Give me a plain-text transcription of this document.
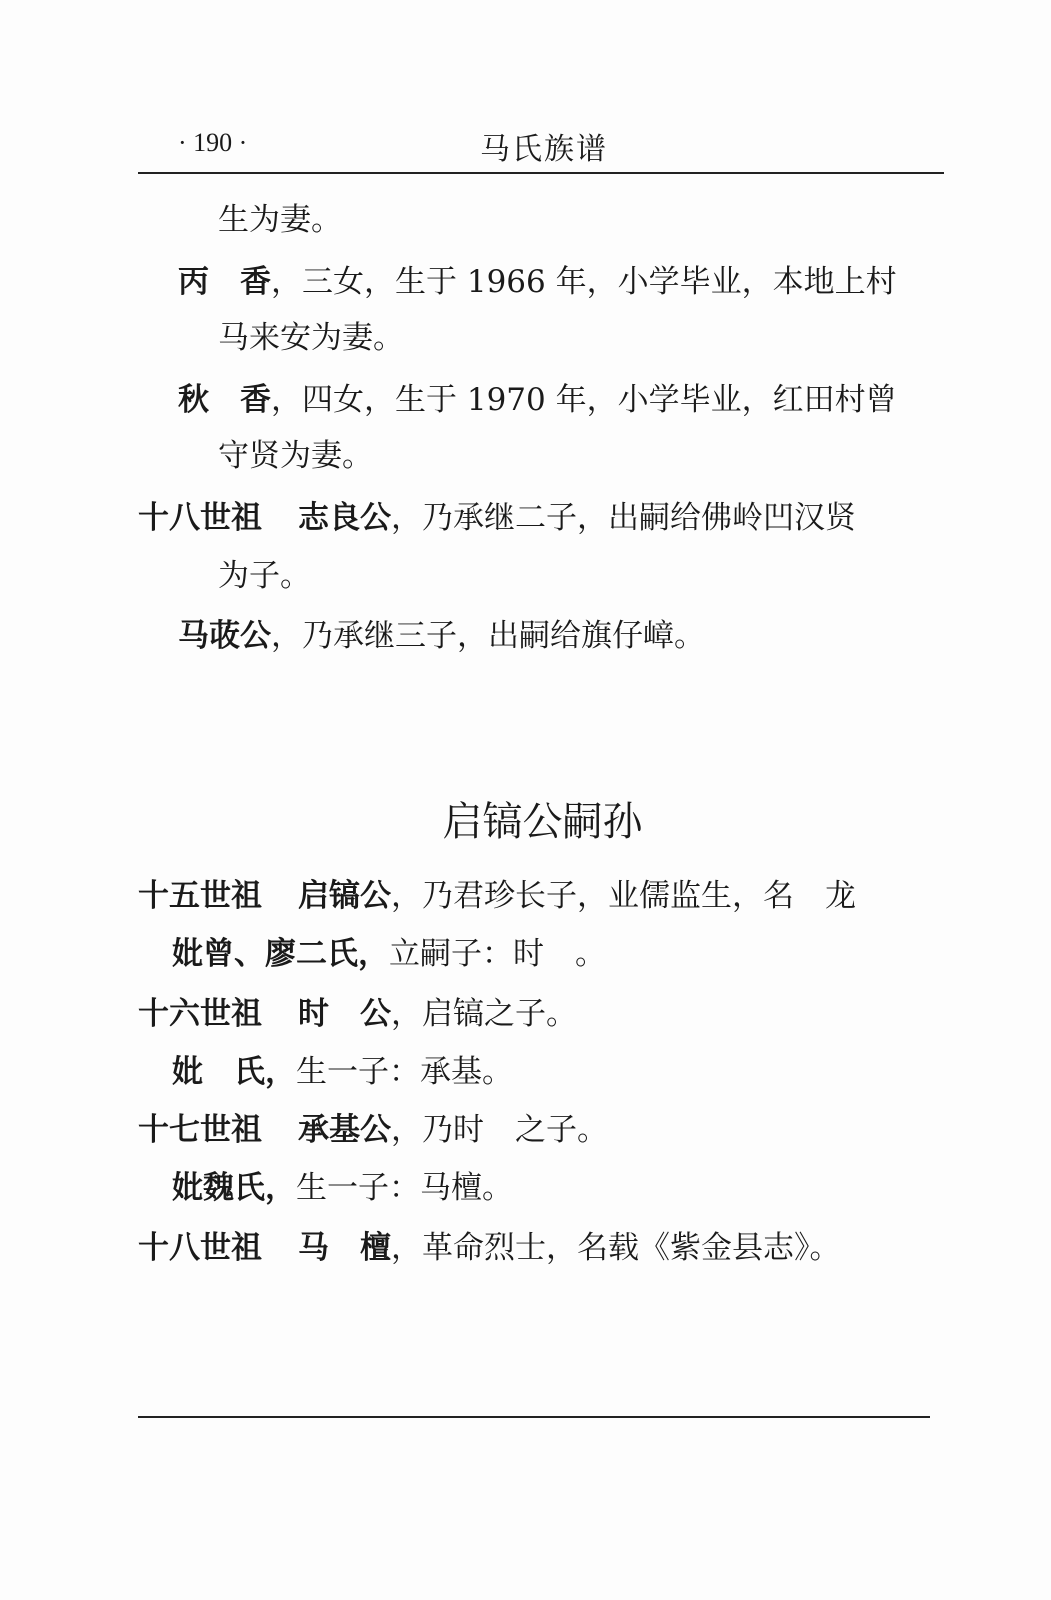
· 190 ·	马氏族谱
生为妻。
丙　香，三女，生于 1966 年，小学毕业，本地上村
马来安为妻。
秋　香，四女，生于 1970 年，小学毕业，红田村曾
守贤为妻。
十八世祖 志良公，乃承继二子，出嗣给佛岭凹汉贤
为子。
马荍公，乃承继三子，出嗣给旗仔嶂。
启镐公嗣孙
十五世祖 启镐公，乃君珍长子，业儒监生，名　龙
妣曾、廖二氏，立嗣子：时　。
十六世祖 时　公，启镐之子。
妣　氏，生一子：承基。
十七世祖 承基公，乃时　之子。
妣魏氏，生一子：马檀。
十八世祖 马　檀，革命烈士，名载《紫金县志》。
